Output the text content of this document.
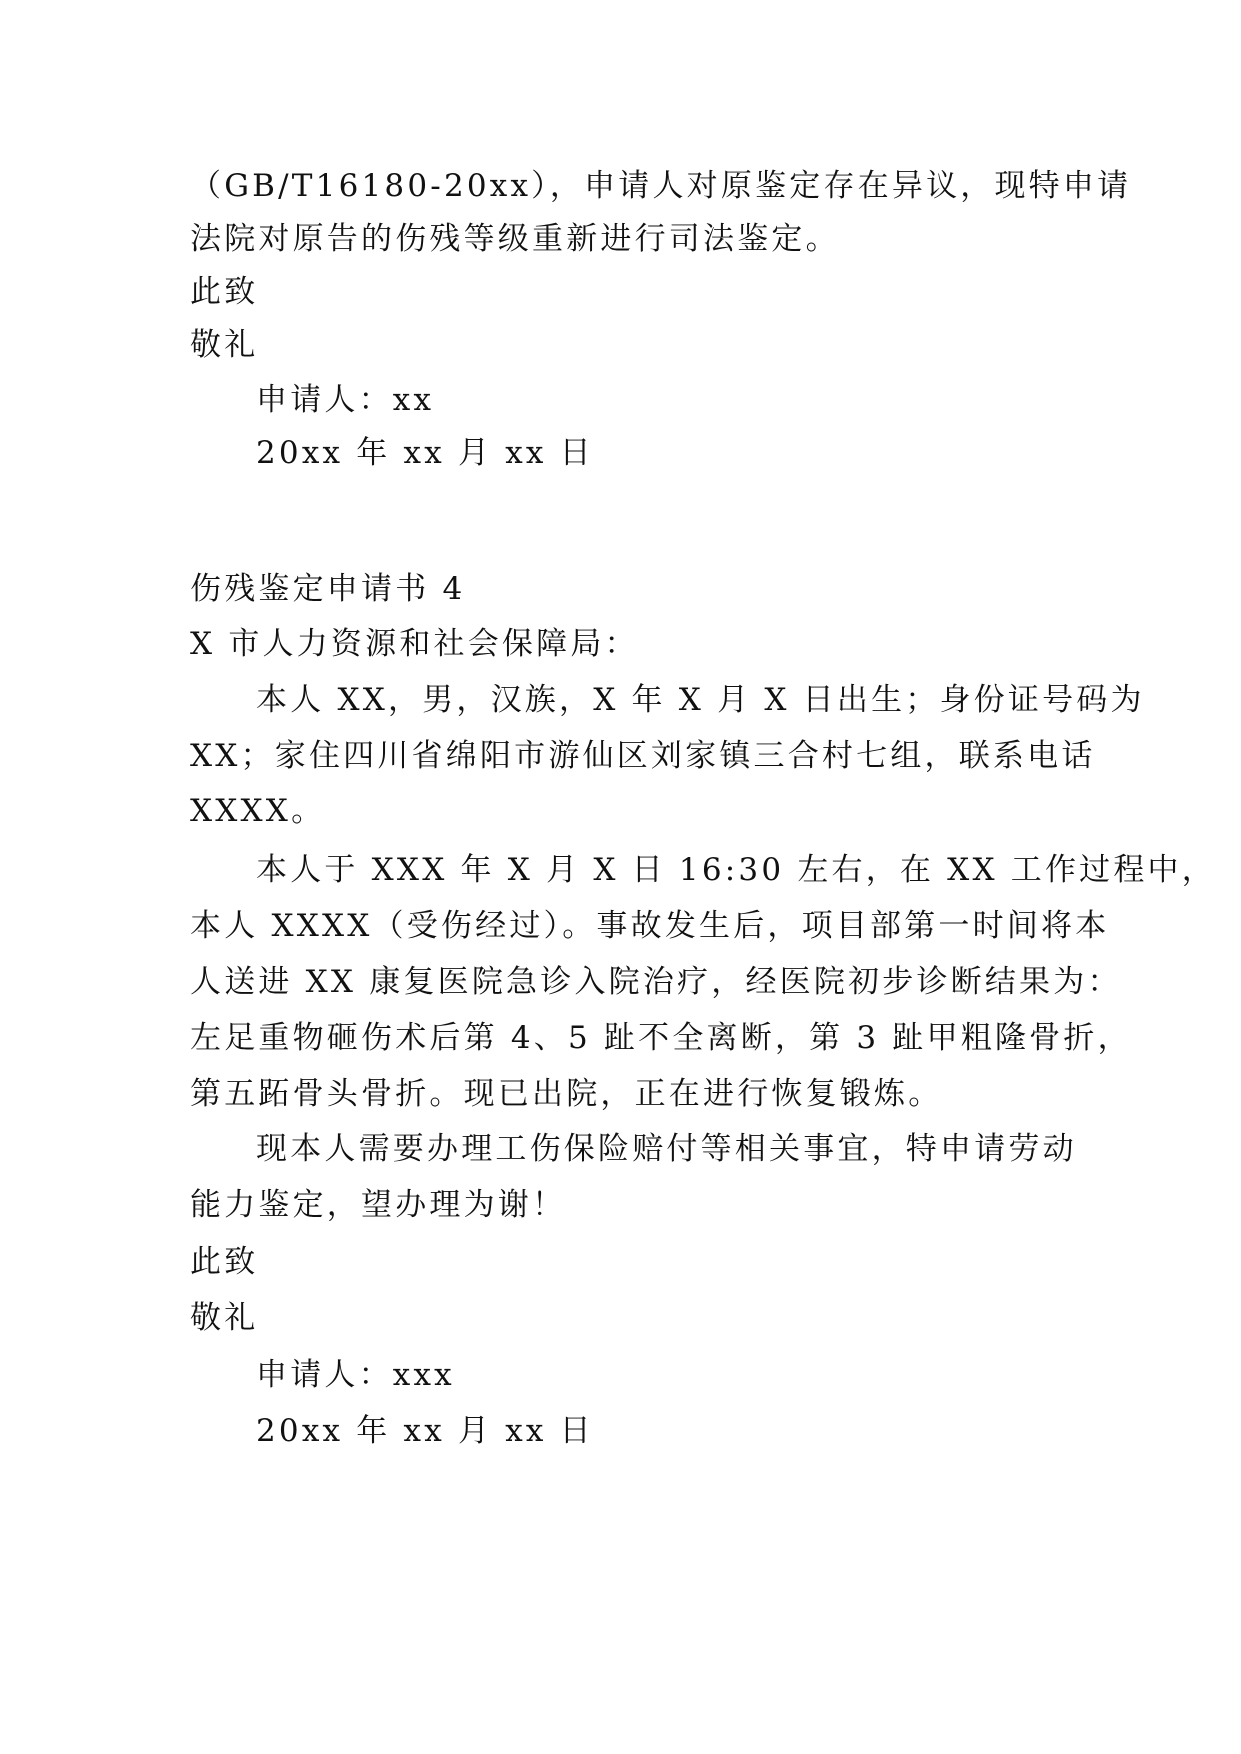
（GB/T16180-20xx），申请人对原鉴定存在异议，现特申请
法院对原告的伤残等级重新进行司法鉴定。
此致
敬礼
申请人：xx
20xx 年 xx 月 xx 日
伤残鉴定申请书 4
X 市人力资源和社会保障局：
本人 XX，男，汉族，X 年 X 月 X 日出生；身份证号码为
XX；家住四川省绵阳市游仙区刘家镇三合村七组，联系电话
XXXX。
本人于 XXX 年 X 月 X 日 16:30 左右，在 XX 工作过程中，
本人 XXXX（受伤经过）。事故发生后，项目部第一时间将本
人送进 XX 康复医院急诊入院治疗，经医院初步诊断结果为：
左足重物砸伤术后第 4、5 趾不全离断，第 3 趾甲粗隆骨折，
第五跖骨头骨折。现已出院，正在进行恢复锻炼。
现本人需要办理工伤保险赔付等相关事宜，特申请劳动
能力鉴定，望办理为谢！
此致
敬礼
申请人：xxx
20xx 年 xx 月 xx 日
